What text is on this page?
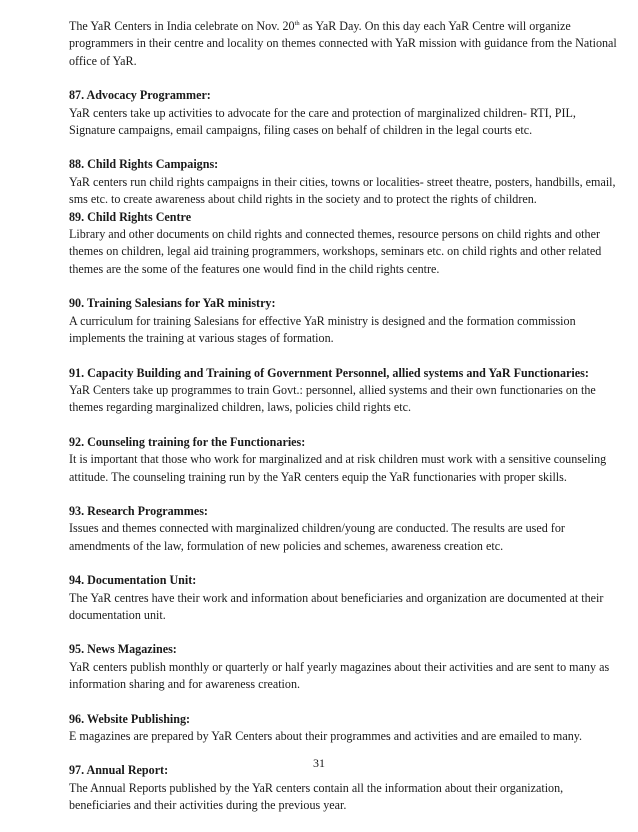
The YaR Centers in India celebrate on Nov. 20th as YaR Day. On this day each YaR Centre will organize programmers in their centre and locality on themes connected with YaR mission with guidance from the National office of YaR.

87. Advocacy Programmer:

YaR centers take up activities to advocate for the care and protection of marginalized children- RTI, PIL, Signature campaigns, email campaigns, filing cases on behalf of children in the legal courts etc.

88. Child Rights Campaigns:

YaR centers run child rights campaigns in their cities, towns or localities- street theatre, posters, handbills, email, sms etc. to create awareness about child rights in the society and to protect the rights of children.

89. Child Rights Centre

Library and other documents on child rights and connected themes, resource persons on child rights and other themes on children, legal aid training programmers, workshops, seminars etc. on child rights and other related themes are the some of the features one would find in the child rights centre.

90. Training Salesians for YaR ministry:

A curriculum for training Salesians for effective YaR ministry is designed and the formation commission implements the training at various stages of formation.

91. Capacity Building and Training of Government Personnel, allied systems and YaR Functionaries:

YaR Centers take up programmes to train Govt.: personnel, allied systems and their own functionaries on the themes regarding marginalized children, laws, policies child rights etc.

92. Counseling training for the Functionaries:

It is important that those who work for marginalized and at risk children must work with a sensitive counseling attitude. The counseling training run by the YaR centers equip the YaR functionaries with proper skills.

93. Research Programmes:

Issues and themes connected with marginalized children/young are conducted. The results are used for amendments of the law, formulation of new policies and schemes, awareness creation etc.

94. Documentation Unit:

The YaR centres have their work and information about beneficiaries and organization are documented at their documentation unit.

95. News Magazines:

YaR centers publish monthly or quarterly or half yearly magazines about their activities and are sent to many as information sharing and for awareness creation.

96. Website Publishing:

E magazines are prepared by YaR Centers about their programmes and activities and are emailed to many.

97. Annual Report:

The Annual Reports published by the YaR centers contain all the information about their organization, beneficiaries and their activities during the previous year.

31
